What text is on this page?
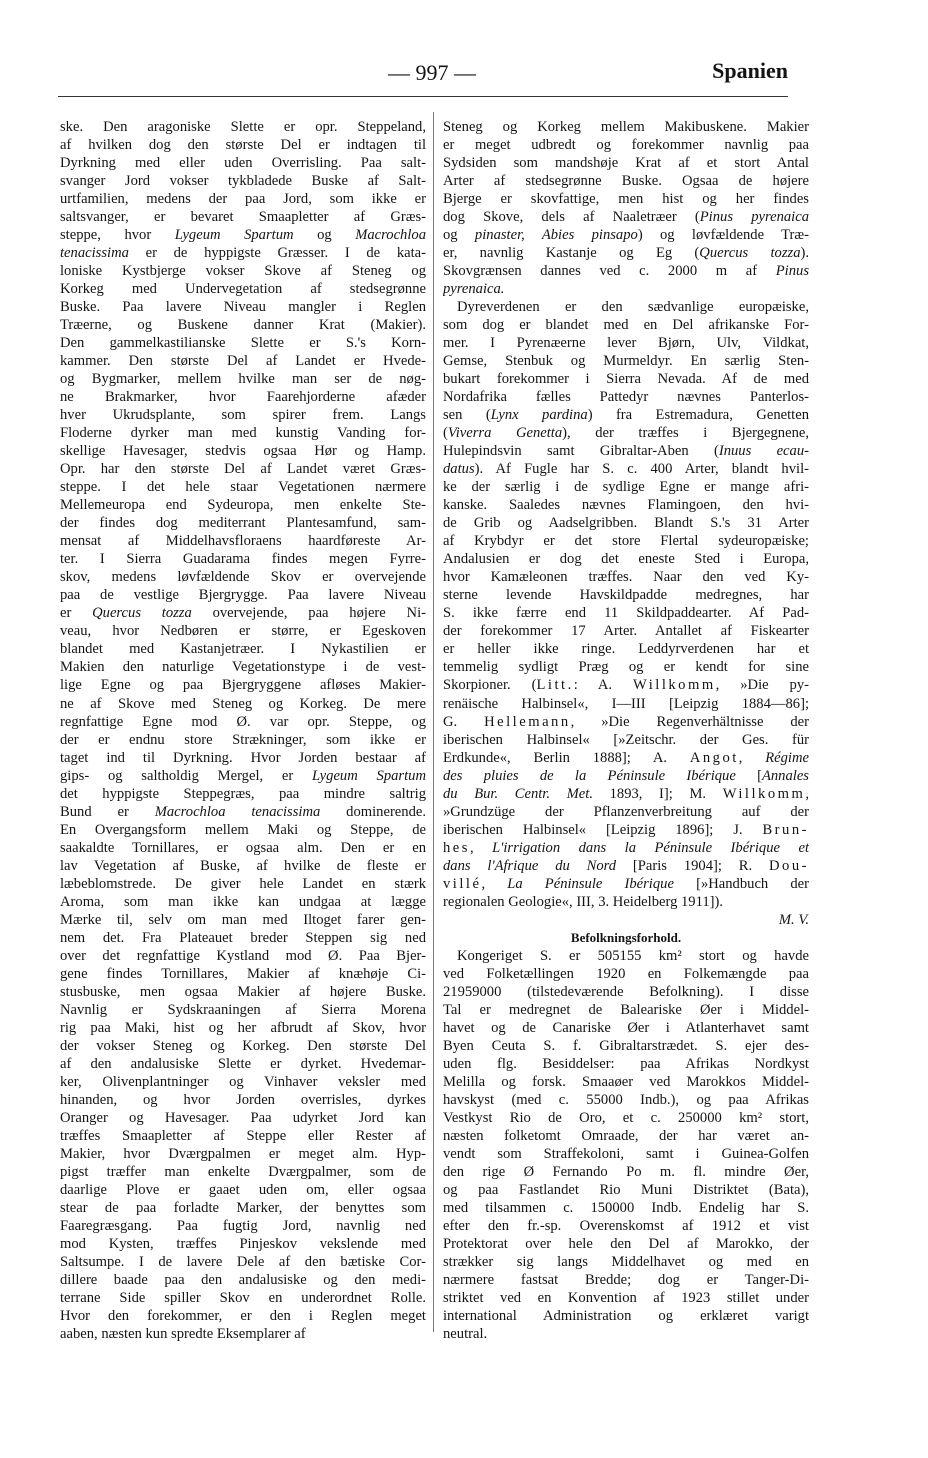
— 997 —	Spanien
ske. Den aragoniske Slette er opr. Steppeland,
af hvilken dog den største Del er indtagen til
Dyrkning med eller uden Overrisling. Paa salt-
svanger Jord vokser tykbladede Buske af Salt-
urtfamilien, medens der paa Jord, som ikke er
saltsvanger, er bevaret Smaapletter af Græs-
steppe, hvor Lygeum Spartum og Macrochloa
tenacissima er de hyppigste Græsser. I de kata-
loniske Kystbjerge vokser Skove af Steneg og
Korkeg med Undervegetation af stedsegrønne
Buske. Paa lavere Niveau mangler i Reglen
Træerne, og Buskene danner Krat (Makier).
Den gammelkastilianske Slette er S.'s Korn-
kammer. Den største Del af Landet er Hvede-
og Bygmarker, mellem hvilke man ser de nøg-
ne Brakmarker, hvor Faarehjorderne afæder
hver Ukrudsplante, som spirer frem. Langs
Floderne dyrker man med kunstig Vanding for-
skellige Havesager, stedvis ogsaa Hør og Hamp.
Opr. har den største Del af Landet været Græs-
steppe. I det hele staar Vegetationen nærmere
Mellemeuropa end Sydeuropa, men enkelte Ste-
der findes dog mediterrant Plantesamfund, sam-
mensat af Middelhavsfloraens haardføreste Ar-
ter. I Sierra Guadarama findes megen Fyrre-
skov, medens løvfældende Skov er overvejende
paa de vestlige Bjergrygge. Paa lavere Niveau
er Quercus tozza overvejende, paa højere Ni-
veau, hvor Nedbøren er større, er Egeskoven
blandet med Kastanjetræer. I Nykastilien er
Makien den naturlige Vegetationstype i de vest-
lige Egne og paa Bjergryggene afløses Makier-
ne af Skove med Steneg og Korkeg. De mere
regnfattige Egne mod Ø. var opr. Steppe, og
der er endnu store Strækninger, som ikke er
taget ind til Dyrkning. Hvor Jorden bestaar af
gips- og saltholdig Mergel, er Lygeum Spartum
det hyppigste Steppegræs, paa mindre saltrig
Bund er Macrochloa tenacissima dominerende.
En Overgangsform mellem Maki og Steppe, de
saakaldte Tornillares, er ogsaa alm. Den er en
lav Vegetation af Buske, af hvilke de fleste er
læbeblomstrede. De giver hele Landet en stærk
Aroma, som man ikke kan undgaa at lægge
Mærke til, selv om man med Iltoget farer gen-
nem det. Fra Plateauet breder Steppen sig ned
over det regnfattige Kystland mod Ø. Paa Bjer-
gene findes Tornillares, Makier af knæhøje Ci-
stusbuske, men ogsaa Makier af højere Buske.
Navnlig er Sydskraaningen af Sierra Morena
rig paa Maki, hist og her afbrudt af Skov, hvor
der vokser Steneg og Korkeg. Den største Del
af den andalusiske Slette er dyrket. Hvedemar-
ker, Olivenplantninger og Vinhaver veksler med
hinanden, og hvor Jorden overrisles, dyrkes
Oranger og Havesager. Paa udyrket Jord kan
træffes Smaapletter af Steppe eller Rester af
Makier, hvor Dværgpalmen er meget alm. Hyp-
pigst træffer man enkelte Dværgpalmer, som de
daarlige Plove er gaaet uden om, eller ogsaa
stear de paa forladte Marker, der benyttes som
Faaregræsgang. Paa fugtig Jord, navnlig ned
mod Kysten, træffes Pinjeskov vekslende med
Saltsumpe. I de lavere Dele af den bætiske Cor-
dillere baade paa den andalusiske og den medi-
terrane Side spiller Skov en underordnet Rolle.
Hvor den forekommer, er den i Reglen meget
aaben, næsten kun spredte Eksemplarer af
Steneg og Korkeg mellem Makibuskene. Makier
er meget udbredt og forekommer navnlig paa
Sydsiden som mandshøje Krat af et stort Antal
Arter af stedsegrønne Buske. Ogsaa de højere
Bjerge er skovfattige, men hist og her findes
dog Skove, dels af Naaletræer (Pinus pyrenaica
og pinaster, Abies pinsapo) og løvfældende Træ-
er, navnlig Kastanje og Eg (Quercus tozza).
Skovgrænsen dannes ved c. 2000 m af Pinus
pyrenaica.
Dyreverdenen er den sædvanlige europæiske,
som dog er blandet med en Del afrikanske For-
mer. I Pyrenæerne lever Bjørn, Ulv, Vildkat,
Gemse, Stenbuk og Murmeldyr. En særlig Sten-
bukart forekommer i Sierra Nevada. Af de med
Nordafrika fælles Pattedyr nævnes Panterlos-
sen (Lynx pardina) fra Estremadura, Genetten
(Viverra Genetta), der træffes i Bjergegnene,
Hulepindsvin samt Gibraltar-Aben (Inuus ecau-
datus). Af Fugle har S. c. 400 Arter, blandt hvil-
ke der særlig i de sydlige Egne er mange afri-
kanske. Saaledes nævnes Flamingoen, den hvi-
de Grib og Aadselgribben. Blandt S.'s 31 Arter
af Krybdyr er det store Flertal sydeuropæiske;
Andalusien er dog det eneste Sted i Europa,
hvor Kamæleonen træffes. Naar den ved Ky-
sterne levende Havskildpadde medregnes, har
S. ikke færre end 11 Skildpaddearter. Af Pad-
der forekommer 17 Arter. Antallet af Fiskearter
er heller ikke ringe. Leddyrverdenen har et
temmelig sydligt Præg og er kendt for sine
Skorpioner. (Litt.: A. Willkomm, »Die py-
renäische Halbinsel«, I—III [Leipzig 1884—86];
G. Hellemann, »Die Regenverhältnisse der
iberischen Halbinsel« [»Zeitschr. der Ges. für
Erdkunde«, Berlin 1888]; A. Angot, Régime
des pluies de la Péninsule Ibérique [Annales
du Bur. Centr. Met. 1893, I]; M. Willkomm,
»Grundzüge der Pflanzenverbreitung auf der
iberischen Halbinsel« [Leipzig 1896]; J. Brun-
hes, L'irrigation dans la Péninsule Ibérique et
dans l'Afrique du Nord [Paris 1904]; R. Dou-
villé, La Péninsule Ibérique [»Handbuch der
regionalen Geologie«, III, 3. Heidelberg 1911]).
M. V.
Befolkningsforhold.
Kongeriget S. er 505155 km² stort og havde
ved Folketællingen 1920 en Folkemængde paa
21959000 (tilstedeværende Befolkning). I disse
Tal er medregnet de Baleariske Øer i Middel-
havet og de Canariske Øer i Atlanterhavet samt
Byen Ceuta S. f. Gibraltarstrædet. S. ejer des-
uden flg. Besiddelser: paa Afrikas Nordkyst
Melilla og forsk. Smaaøer ved Marokkos Middel-
havskyst (med c. 55000 Indb.), og paa Afrikas
Vestkyst Rio de Oro, et c. 250000 km² stort,
næsten folketomt Omraade, der har været an-
vendt som Straffekoloni, samt i Guinea-Golfen
den rige Ø Fernando Po m. fl. mindre Øer,
og paa Fastlandet Rio Muni Distriktet (Bata),
med tilsammen c. 150000 Indb. Endelig har S.
efter den fr.-sp. Overenskomst af 1912 et vist
Protektorat over hele den Del af Marokko, der
strækker sig langs Middelhavet og med en
nærmere fastsat Bredde; dog er Tanger-Di-
striktet ved en Konvention af 1923 stillet under
international Administration og erklæret varigt
neutral.
